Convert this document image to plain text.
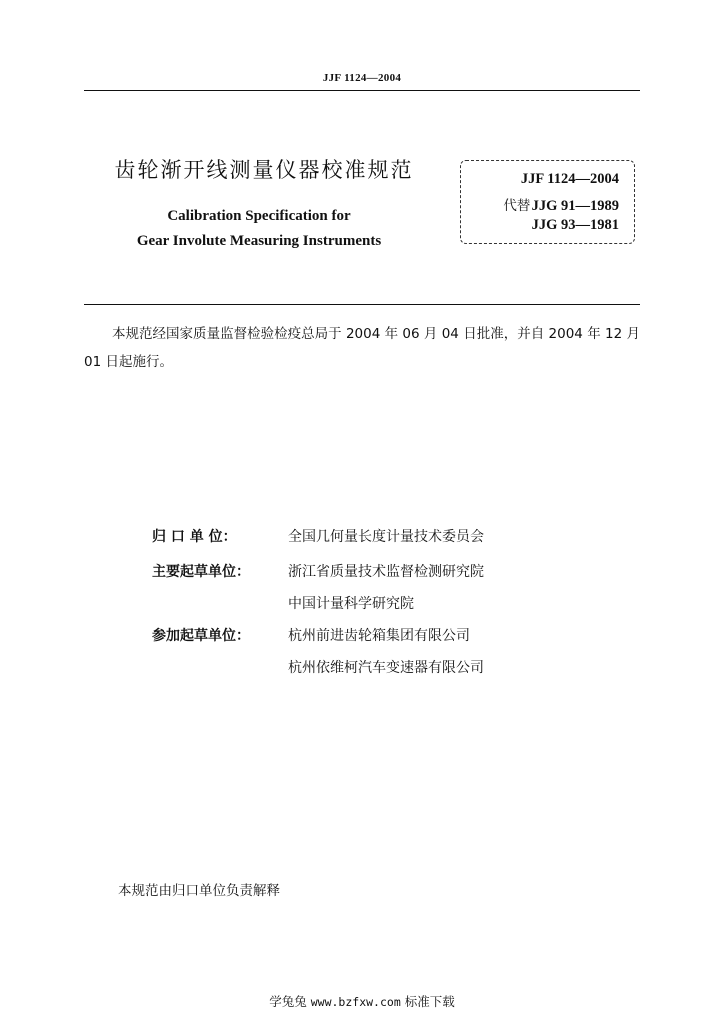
JJF 1124—2004
齿轮渐开线测量仪器校准规范
Calibration Specification for
Gear Involute Measuring Instruments
JJF 1124—2004
代替 JJG 91—1989
JJG 93—1981
本规范经国家质量监督检验检疫总局于 2004 年 06 月 04 日批准，并自 2004 年 12 月 01 日起施行。
归 口 单 位：	全国几何量长度计量技术委员会
主要起草单位：	浙江省质量技术监督检测研究院
中国计量科学研究院
参加起草单位：	杭州前进齿轮箱集团有限公司
杭州依维柯汽车变速器有限公司
本规范由归口单位负责解释
学兔兔 www.bzfxw.com 标准下载
